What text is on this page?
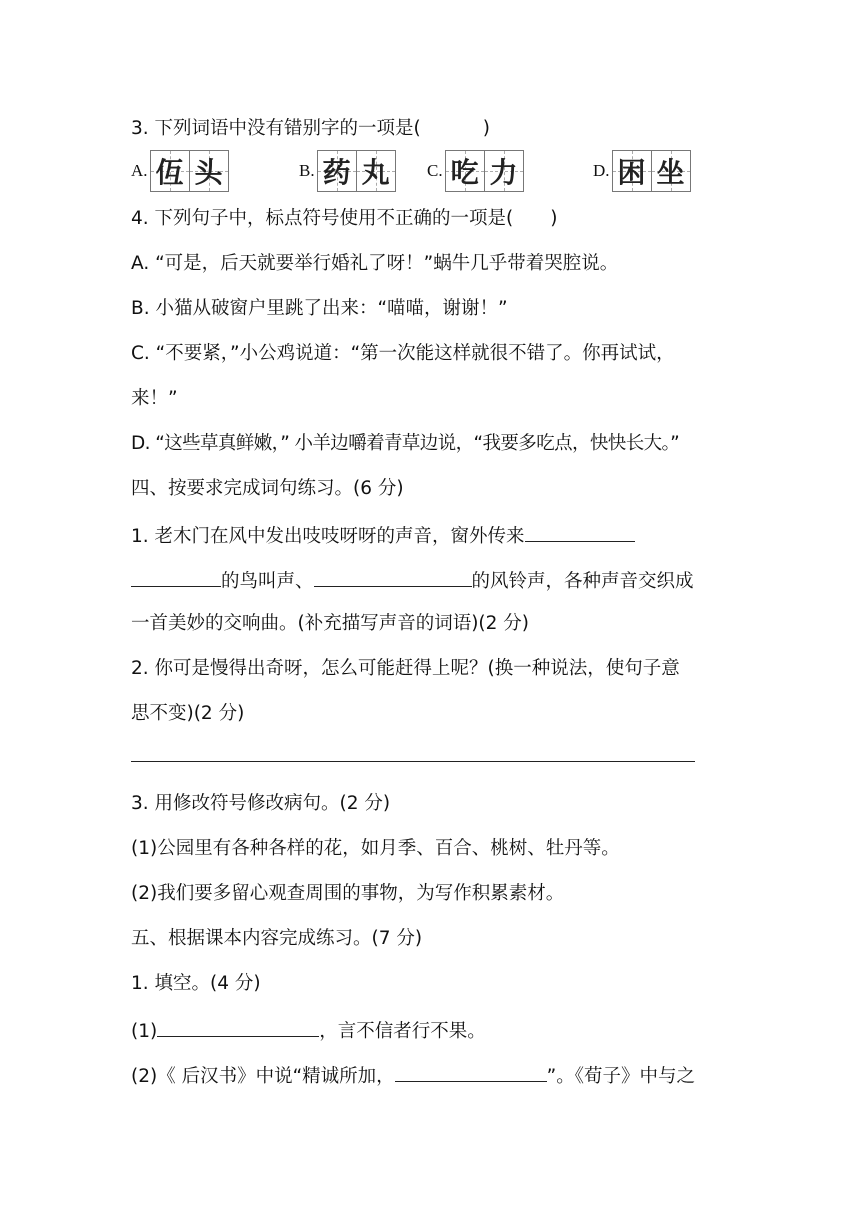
3. 下列词语中没有错别字的一项是(	)
A. 仾 头	B. 药 丸 C. 吃 力	D. 困 坐
4. 下列句子中，标点符号使用不正确的一项是(　　)
A. “可是，后天就要举行婚礼了呀！”蜗牛几乎带着哭腔说。
B. 小猫从破窗户里跳了出来：“喵喵，谢谢！”
C. “不要紧，”小公鸡说道：“第一次能这样就很不错了。你再试试，
来！”
D. “这些草真鲜嫩，” 小羊边嚼着青草边说，“我要多吃点，快快长大。”
四、按要求完成词句练习。(6 分)
1. 老木门在风中发出吱吱呀呀的声音，窗外传来
的鸟叫声、	的风铃声，各种声音交织成
一首美妙的交响曲。(补充描写声音的词语)(2 分)
2. 你可是慢得出奇呀，怎么可能赶得上呢？(换一种说法，使句子意
思不变)(2 分)
3. 用修改符号修改病句。(2 分)
(1)公园里有各种各样的花，如月季、百合、桃树、牡丹等。
(2)我们要多留心观查周围的事物，为写作积累素材。
五、根据课本内容完成练习。(7 分)
1. 填空。(4 分)
(1)	，言不信者行不果。
(2)《 后汉书》中说“精诚所加，	”。《荀子》中与之
